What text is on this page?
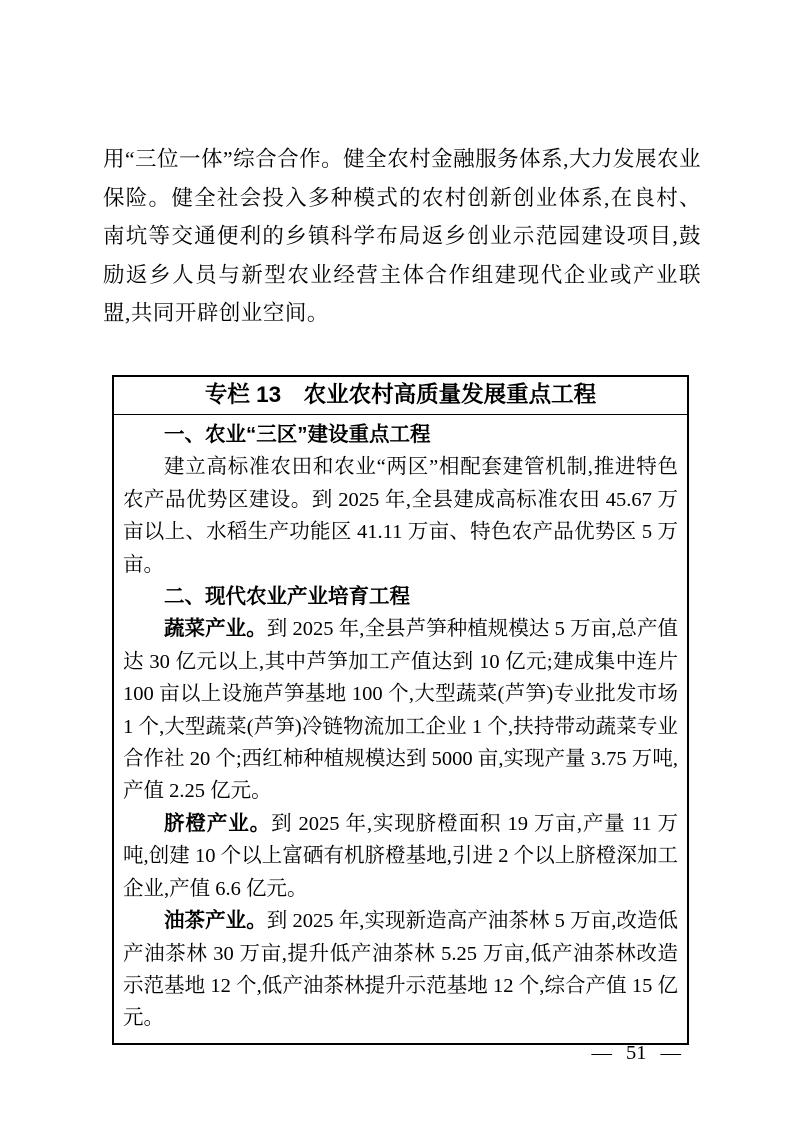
用“三位一体”综合合作。健全农村金融服务体系,大力发展农业保险。健全社会投入多种模式的农村创新创业体系,在良村、南坑等交通便利的乡镇科学布局返乡创业示范园建设项目,鼓励返乡人员与新型农业经营主体合作组建现代企业或产业联盟,共同开辟创业空间。
专栏 13　农业农村高质量发展重点工程

一、农业“三区”建设重点工程

建立高标准农田和农业“两区”相配套建管机制,推进特色农产品优势区建设。到 2025 年,全县建成高标准农田 45.67 万亩以上、水稻生产功能区 41.11 万亩、特色农产品优势区 5 万亩。

二、现代农业产业培育工程

蔬菜产业。到 2025 年,全县芦笋种植规模达 5 万亩,总产值达 30 亿元以上,其中芦笋加工产值达到 10 亿元;建成集中连片 100 亩以上设施芦笋基地 100 个,大型蔬菜(芦笋)专业批发市场 1 个,大型蔬菜(芦笋)冷链物流加工企业 1 个,扶持带动蔬菜专业合作社 20 个;西红柿种植规模达到 5000 亩,实现产量 3.75 万吨,产值 2.25 亿元。

脐橙产业。到 2025 年,实现脐橙面积 19 万亩,产量 11 万吨,创建 10 个以上富硒有机脐橙基地,引进 2 个以上脐橙深加工企业,产值 6.6 亿元。

油茶产业。到 2025 年,实现新造高产油茶林 5 万亩,改造低产油茶林 30 万亩,提升低产油茶林 5.25 万亩,低产油茶林改造示范基地 12 个,低产油茶林提升示范基地 12 个,综合产值 15 亿元。

— 51 —
